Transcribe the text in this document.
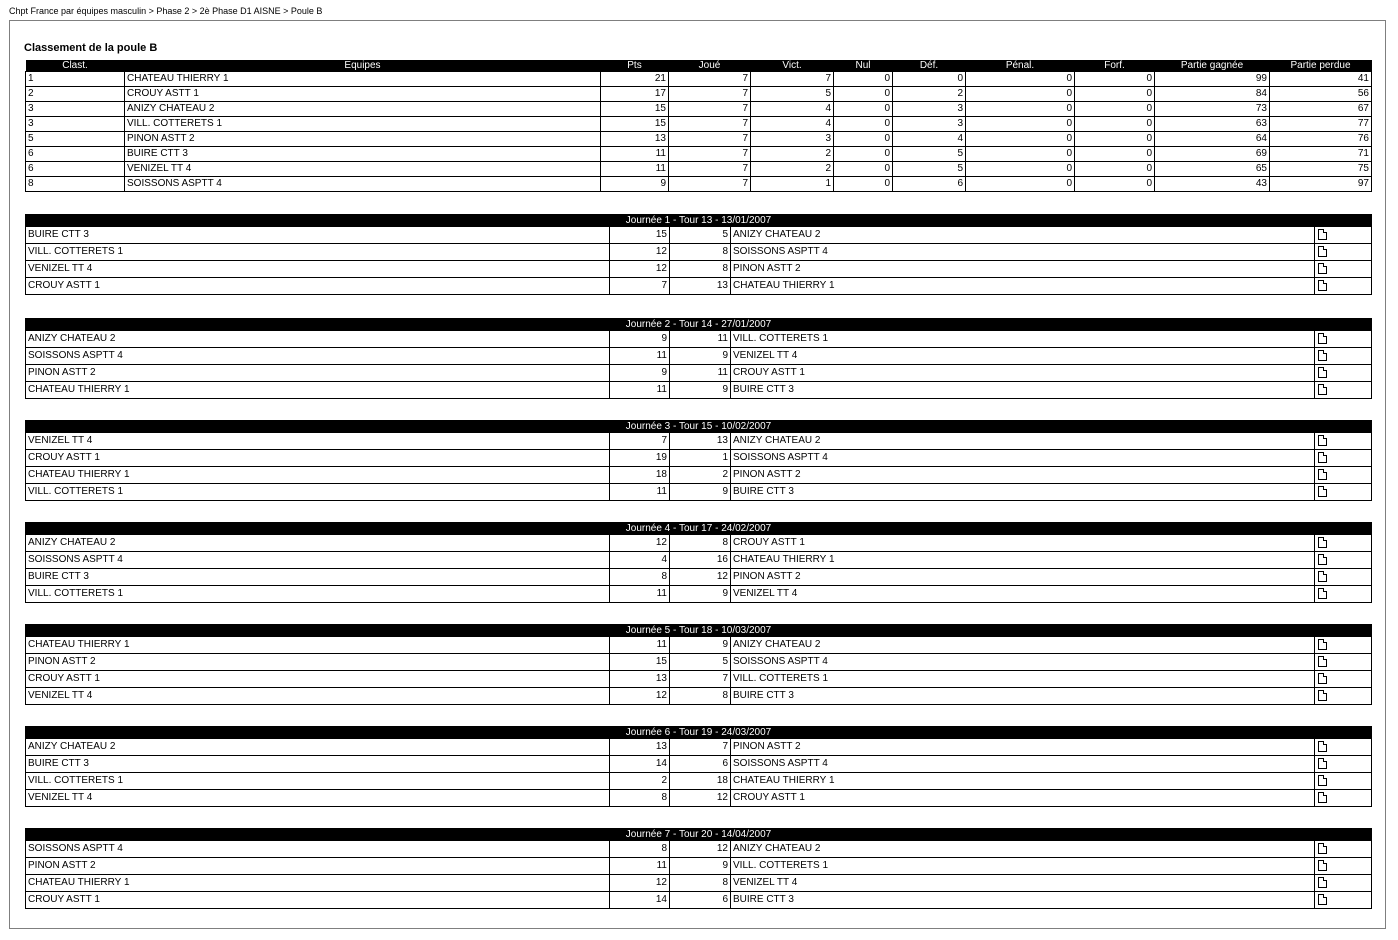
Chpt France par équipes masculin > Phase 2 > 2è Phase D1 AISNE > Poule B
Classement de la poule B
Clast.	Equipes	Pts	Joué	Vict.	Nul	Déf.	Pénal.	Forf.	Partie gagnée	Partie perdue
1	CHATEAU THIERRY 1	21	7	7	0	0	0	0	99	41
2	CROUY ASTT 1	17	7	5	0	2	0	0	84	56
3	ANIZY CHATEAU 2	15	7	4	0	3	0	0	73	67
3	VILL. COTTERETS 1	15	7	4	0	3	0	0	63	77
5	PINON ASTT 2	13	7	3	0	4	0	0	64	76
6	BUIRE CTT 3	11	7	2	0	5	0	0	69	71
6	VENIZEL TT 4	11	7	2	0	5	0	0	65	75
8	SOISSONS ASPTT 4	9	7	1	0	6	0	0	43	97
Journée 1 - Tour 13 - 13/01/2007				
BUIRE CTT 3	15	5	ANIZY CHATEAU 2	
VILL. COTTERETS 1	12	8	SOISSONS ASPTT 4	
VENIZEL TT 4	12	8	PINON ASTT 2	
CROUY ASTT 1	7	13	CHATEAU THIERRY 1	
Journée 2 - Tour 14 - 27/01/2007				
ANIZY CHATEAU 2	9	11	VILL. COTTERETS 1	
SOISSONS ASPTT 4	11	9	VENIZEL TT 4	
PINON ASTT 2	9	11	CROUY ASTT 1	
CHATEAU THIERRY 1	11	9	BUIRE CTT 3	
Journée 3 - Tour 15 - 10/02/2007				
VENIZEL TT 4	7	13	ANIZY CHATEAU 2	
CROUY ASTT 1	19	1	SOISSONS ASPTT 4	
CHATEAU THIERRY 1	18	2	PINON ASTT 2	
VILL. COTTERETS 1	11	9	BUIRE CTT 3	
Journée 4 - Tour 17 - 24/02/2007				
ANIZY CHATEAU 2	12	8	CROUY ASTT 1	
SOISSONS ASPTT 4	4	16	CHATEAU THIERRY 1	
BUIRE CTT 3	8	12	PINON ASTT 2	
VILL. COTTERETS 1	11	9	VENIZEL TT 4	
Journée 5 - Tour 18 - 10/03/2007				
CHATEAU THIERRY 1	11	9	ANIZY CHATEAU 2	
PINON ASTT 2	15	5	SOISSONS ASPTT 4	
CROUY ASTT 1	13	7	VILL. COTTERETS 1	
VENIZEL TT 4	12	8	BUIRE CTT 3	
Journée 6 - Tour 19 - 24/03/2007				
ANIZY CHATEAU 2	13	7	PINON ASTT 2	
BUIRE CTT 3	14	6	SOISSONS ASPTT 4	
VILL. COTTERETS 1	2	18	CHATEAU THIERRY 1	
VENIZEL TT 4	8	12	CROUY ASTT 1	
Journée 7 - Tour 20 - 14/04/2007				
SOISSONS ASPTT 4	8	12	ANIZY CHATEAU 2	
PINON ASTT 2	11	9	VILL. COTTERETS 1	
CHATEAU THIERRY 1	12	8	VENIZEL TT 4	
CROUY ASTT 1	14	6	BUIRE CTT 3	
